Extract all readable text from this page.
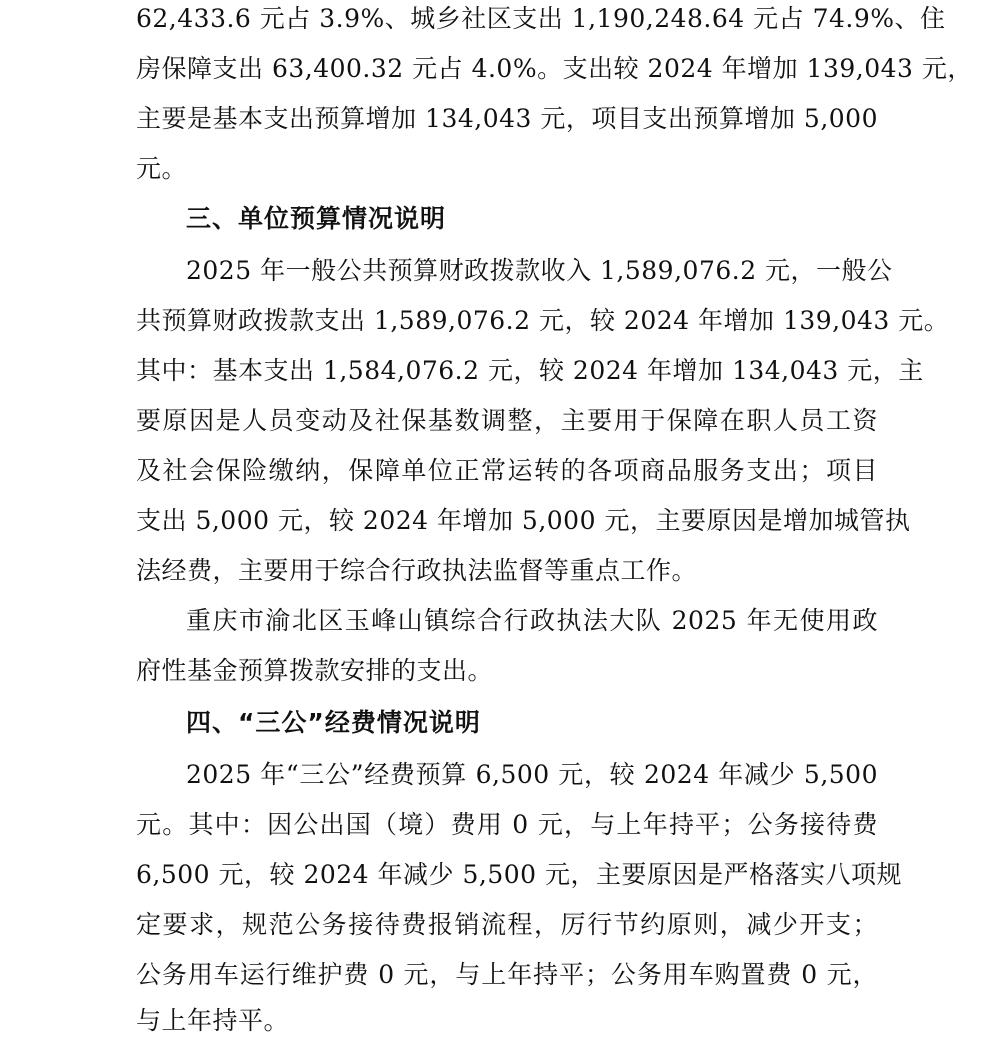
62,433.6 元占 3.9%、城乡社区支出 1,190,248.64 元占 74.9%、住
房保障支出 63,400.32 元占 4.0%。支出较 2024 年增加 139,043 元，
主要是基本支出预算增加 134,043 元，项目支出预算增加 5,000
元。
三、单位预算情况说明
2025 年一般公共预算财政拨款收入 1,589,076.2 元，一般公
共预算财政拨款支出 1,589,076.2 元，较 2024 年增加 139,043 元。
其中：基本支出 1,584,076.2 元，较 2024 年增加 134,043 元，主
要原因是人员变动及社保基数调整，主要用于保障在职人员工资
及社会保险缴纳，保障单位正常运转的各项商品服务支出；项目
支出 5,000 元，较 2024 年增加 5,000 元，主要原因是增加城管执
法经费，主要用于综合行政执法监督等重点工作。
重庆市渝北区玉峰山镇综合行政执法大队 2025 年无使用政
府性基金预算拨款安排的支出。
四、“三公”经费情况说明
2025 年“三公”经费预算 6,500 元，较 2024 年减少 5,500
元。其中：因公出国（境）费用 0 元，与上年持平；公务接待费
6,500 元，较 2024 年减少 5,500 元，主要原因是严格落实八项规
定要求，规范公务接待费报销流程，厉行节约原则，减少开支；
公务用车运行维护费 0 元，与上年持平；公务用车购置费 0 元，
与上年持平。
